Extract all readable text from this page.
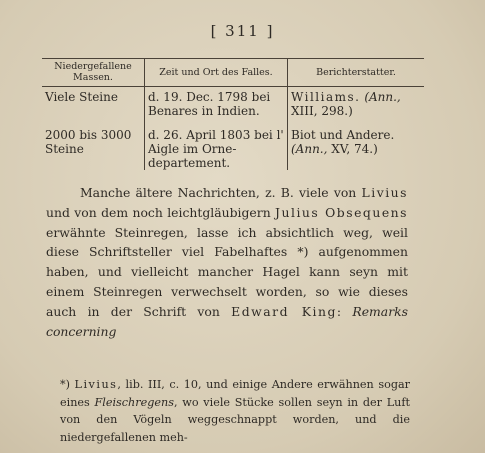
[ 311 ]
Niedergefallene Massen.	Zeit und Ort des Falles.	Berichterstatter.
Viele Steine	d. 19. Dec. 1798 bei Benares in Indien.	Williams. (Ann., XIII, 298.)
2000 bis 3000 Steine	d. 26. April 1803 bei l' Aigle im Orne-departement.	Biot und Andere. (Ann., XV, 74.)

Manche ältere Nachrichten, z. B. viele von Livius und von dem noch leichtgläubigern Julius Obsequens erwähnte Steinregen, lasse ich absichtlich weg, weil diese Schriftsteller viel Fabelhaftes *) aufgenommen haben, und vielleicht mancher Hagel kann seyn mit einem Steinregen verwechselt worden, so wie dieses auch in der Schrift von Edward King: Remarks concerning

*) Livius, lib. III, c. 10, und einige Andere erwähnen sogar eines Fleischregens, wo viele Stücke sollen seyn in der Luft von den Vögeln weggeschnappt worden, und die niedergefallenen meh-
